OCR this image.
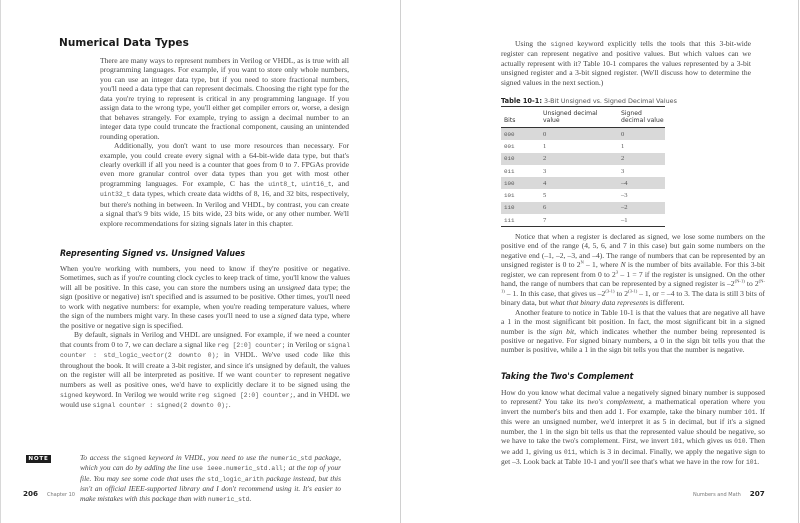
Numerical Data Types

There are many ways to represent numbers in Verilog or VHDL, as is true with all programming languages. For example, if you want to store only whole numbers, you can use an integer data type, but if you need to store fractional numbers, you'll need a data type that can represent decimals. Choosing the right type for the data you're trying to represent is critical in any programming language. If you assign data to the wrong type, you'll either get compiler errors or, worse, a design that behaves strangely. For example, trying to assign a decimal number to an integer data type could truncate the fractional component, causing an unintended rounding operation.

Additionally, you don't want to use more resources than necessary. For example, you could create every signal with a 64-bit-wide data type, but that's clearly overkill if all you need is a counter that goes from 0 to 7. FPGAs provide even more granular control over data types than you get with most other programming languages. For example, C has the uint8_t, uint16_t, and uint32_t data types, which create data widths of 8, 16, and 32 bits, respectively, but there's nothing in between. In Verilog and VHDL, by contrast, you can create a signal that's 9 bits wide, 15 bits wide, 23 bits wide, or any other number. We'll explore recommendations for sizing signals later in this chapter.

Representing Signed vs. Unsigned Values

When you're working with numbers, you need to know if they're positive or negative. Sometimes, such as if you're counting clock cycles to keep track of time, you'll know the values will all be positive. In this case, you can store the numbers using an unsigned data type; the sign (positive or negative) isn't specified and is assumed to be positive. Other times, you'll need to work with negative numbers: for example, when you're reading temperature values, where the sign of the numbers might vary. In these cases you'll need to use a signed data type, where the positive or negative sign is specified.

By default, signals in Verilog and VHDL are unsigned. For example, if we need a counter that counts from 0 to 7, we can declare a signal like reg [2:0] counter; in Verilog or signal counter : std_logic_vector(2 downto 0); in VHDL. We've used code like this throughout the book. It will create a 3-bit register, and since it's unsigned by default, the values on the register will all be interpreted as positive. If we want counter to represent negative numbers as well as positive ones, we'd have to explicitly declare it to be signed using the signed keyword. In Verilog we would write reg signed [2:0] counter;, and in VHDL we would use signal counter : signed(2 downto 0);.

NOTE	To access the signed keyword in VHDL, you need to use the numeric_std package, which you can do by adding the line use ieee.numeric_std.all; at the top of your file. You may see some code that uses the std_logic_arith package instead, but this isn't an official IEEE-supported library and I don't recommend using it. It's easier to make mistakes with this package than with numeric_std.
206 Chapter 10

Using the signed keyword explicitly tells the tools that this 3-bit-wide register can represent negative and positive values. But which values can we actually represent with it? Table 10-1 compares the values represented by a 3-bit unsigned register and a 3-bit signed register. (We'll discuss how to determine the signed values in the next section.)

Table 10-1: 3-Bit Unsigned vs. Signed Decimal Values
Bits	Unsigned decimal value	Signed decimal value
000	0	0
001	1	1
010	2	2
011	3	3
100	4	–4
101	5	–3
110	6	–2
111	7	–1

Notice that when a register is declared as signed, we lose some numbers on the positive end of the range (4, 5, 6, and 7 in this case) but gain some numbers on the negative end (–1, –2, –3, and –4). The range of numbers that can be represented by an unsigned register is 0 to $2^N - 1$, where N is the number of bits available. For this 3-bit register, we can represent from 0 to $2^3 - 1 = 7$ if the register is unsigned. On the other hand, the range of numbers that can be represented by a signed register is $-2^{(N-1)}$ to $2^{(N-1)} - 1$. In this case, that gives us –2$^{(3-1)}$ to 2$^{(3-1)}$ – 1, or = –4 to 3. The data is still 3 bits of binary data, but what that binary data represents is different.

Another feature to notice in Table 10-1 is that the values that are negative all have a 1 in the most significant bit position. In fact, the most significant bit in a signed number is the sign bit, which indicates whether the number being represented is positive or negative. For signed binary numbers, a 0 in the sign bit tells you that the number is positive, while a 1 in the sign bit tells you that the number is negative.

Taking the Two's Complement

How do you know what decimal value a negatively signed binary number is supposed to represent? You take its two's complement, a mathematical operation where you invert the number's bits and then add 1. For example, take the binary number 101. If this were an unsigned number, we'd interpret it as 5 in decimal, but if it's a signed number, the 1 in the sign bit tells us that the represented value should be negative, so we have to take the two's complement. First, we invert 101, which gives us 010. Then we add 1, giving us 011, which is 3 in decimal. Finally, we apply the negative sign to get –3. Look back at Table 10-1 and you'll see that's what we have in the row for 101.

Numbers and Math 207
